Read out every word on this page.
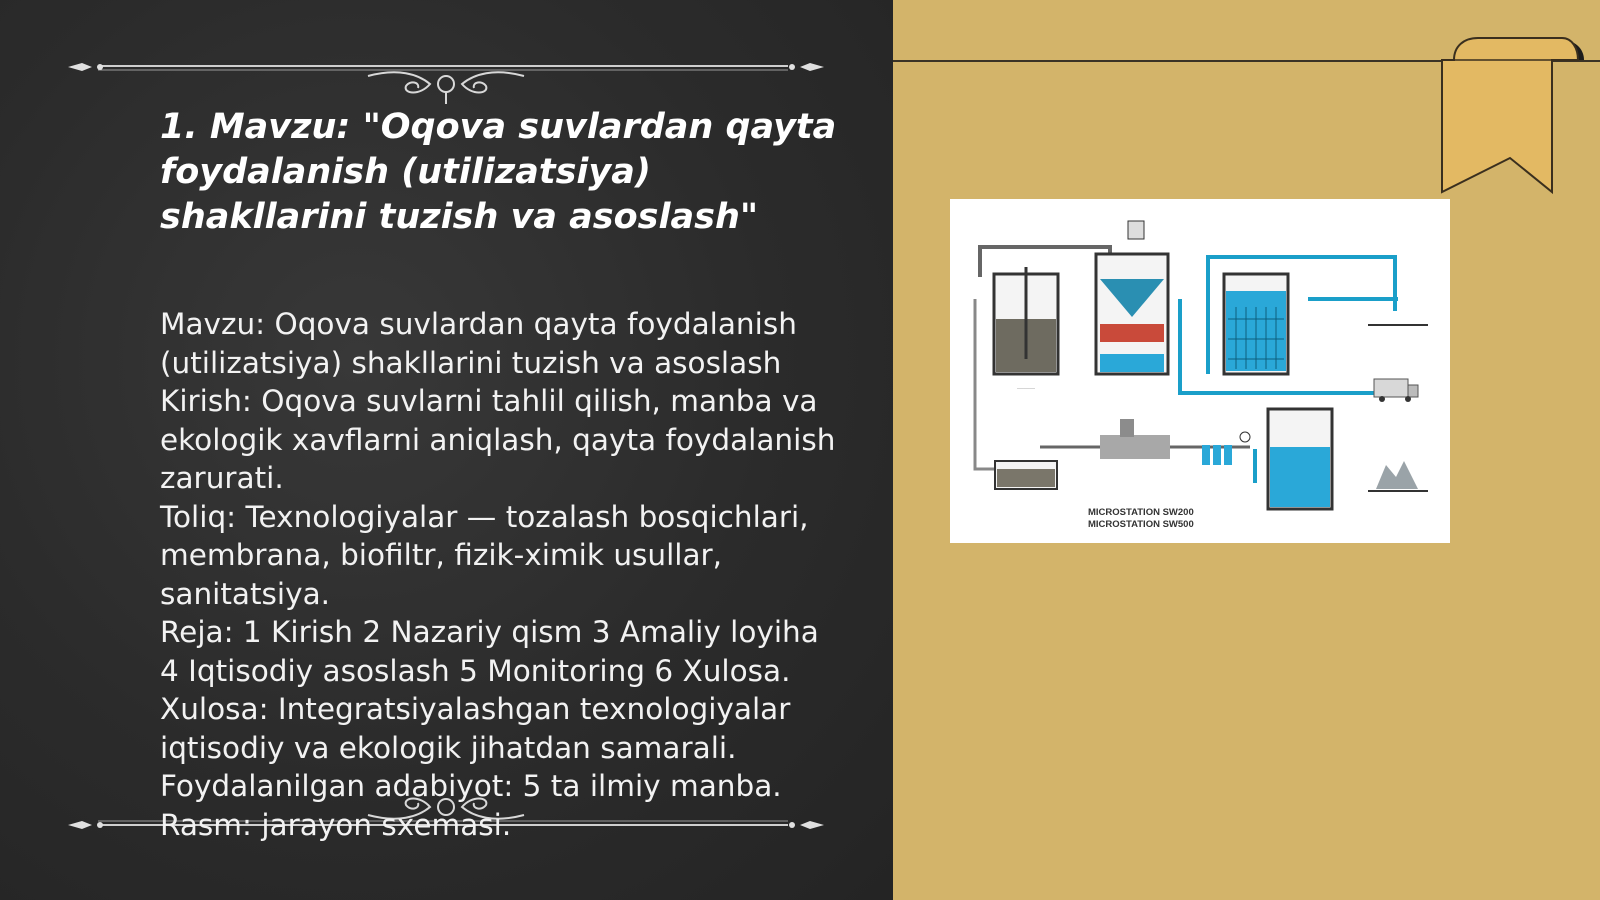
1. Mavzu: "Oqova suvlardan qayta foydalanish (utilizatsiya) shakllarini tuzish va asoslash"
Mavzu: Oqova suvlardan qayta foydalanish (utilizatsiya) shakllarini tuzish va asoslash
Kirish: Oqova suvlarni tahlil qilish, manba va ekologik xavflarni aniqlash, qayta foydalanish zarurati.
Toliq: Texnologiyalar — tozalash bosqichlari, membrana, biofiltr, fizik-ximik usullar, sanitatsiya.
Reja: 1 Kirish 2 Nazariy qism 3 Amaliy loyiha 4 Iqtisodiy asoslash 5 Monitoring 6 Xulosa.
Xulosa: Integratsiyalashgan texnologiyalar iqtisodiy va ekologik jihatdan samarali.
Foydalanilgan adabiyot: 5 ta ilmiy manba.
Rasm: jarayon sxemasi.
………
MICROSTATION SW200
MICROSTATION SW500
